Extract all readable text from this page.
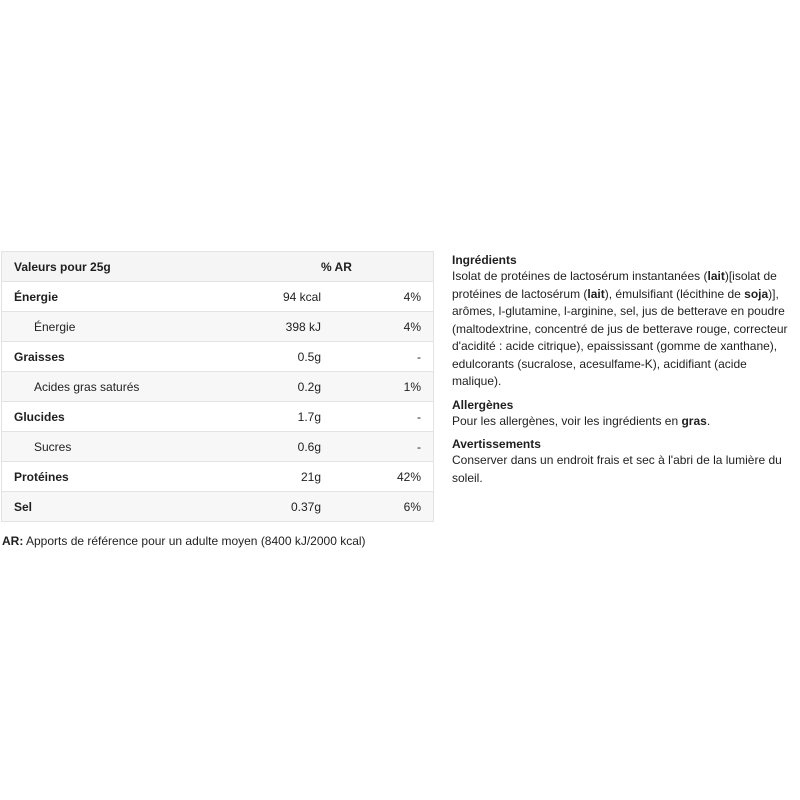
Valeurs pour 25g		% AR
Énergie	94 kcal	4%
Énergie	398 kJ	4%
Graisses	0.5g	-
Acides gras saturés	0.2g	1%
Glucides	1.7g	-
Sucres	0.6g	-
Protéines	21g	42%
Sel	0.37g	6%
AR: Apports de référence pour un adulte moyen (8400 kJ/2000 kcal)
Ingrédients

Isolat de protéines de lactosérum instantanées (lait)[isolat de protéines de lactosérum (lait), émulsifiant (lécithine de soja)], arômes, l-glutamine, l-arginine, sel, jus de betterave en poudre (maltodextrine, concentré de jus de betterave rouge, correcteur d'acidité : acide citrique), epaississant (gomme de xanthane), edulcorants (sucralose, acesulfame-K), acidifiant (acide malique).

Allergènes

Pour les allergènes, voir les ingrédients en gras.

Avertissements

Conserver dans un endroit frais et sec à l'abri de la lumière du soleil.
